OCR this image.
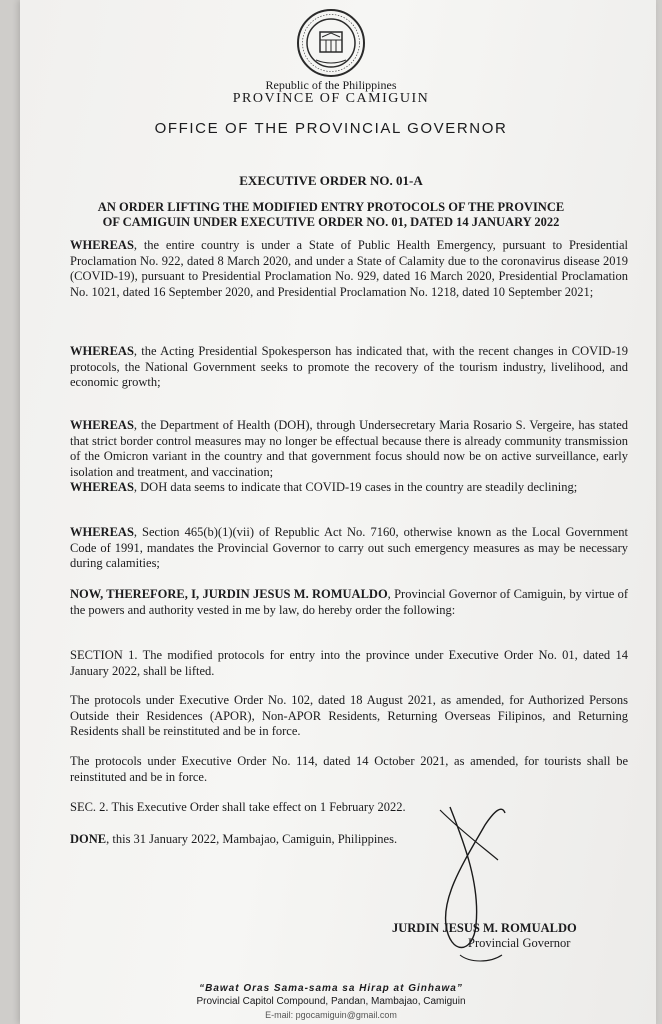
Republic of the Philippines
PROVINCE OF CAMIGUIN
OFFICE OF THE PROVINCIAL GOVERNOR
EXECUTIVE ORDER NO. 01-A
AN ORDER LIFTING THE MODIFIED ENTRY PROTOCOLS OF THE PROVINCE
OF CAMIGUIN UNDER EXECUTIVE ORDER NO. 01, DATED 14 JANUARY 2022
WHEREAS, the entire country is under a State of Public Health Emergency, pursuant to Presidential Proclamation No. 922, dated 8 March 2020, and under a State of Calamity due to the coronavirus disease 2019 (COVID-19), pursuant to Presidential Proclamation No. 929, dated 16 March 2020, Presidential Proclamation No. 1021, dated 16 September 2020, and Presidential Proclamation No. 1218, dated 10 September 2021;
WHEREAS, the Acting Presidential Spokesperson has indicated that, with the recent changes in COVID-19 protocols, the National Government seeks to promote the recovery of the tourism industry, livelihood, and economic growth;
WHEREAS, the Department of Health (DOH), through Undersecretary Maria Rosario S. Vergeire, has stated that strict border control measures may no longer be effectual because there is already community transmission of the Omicron variant in the country and that government focus should now be on active surveillance, early isolation and treatment, and vaccination;
WHEREAS, DOH data seems to indicate that COVID-19 cases in the country are steadily declining;
WHEREAS, Section 465(b)(1)(vii) of Republic Act No. 7160, otherwise known as the Local Government Code of 1991, mandates the Provincial Governor to carry out such emergency measures as may be necessary during calamities;
NOW, THEREFORE, I, JURDIN JESUS M. ROMUALDO, Provincial Governor of Camiguin, by virtue of the powers and authority vested in me by law, do hereby order the following:
SECTION 1. The modified protocols for entry into the province under Executive Order No. 01, dated 14 January 2022, shall be lifted.
The protocols under Executive Order No. 102, dated 18 August 2021, as amended, for Authorized Persons Outside their Residences (APOR), Non-APOR Residents, Returning Overseas Filipinos, and Returning Residents shall be reinstituted and be in force.
The protocols under Executive Order No. 114, dated 14 October 2021, as amended, for tourists shall be reinstituted and be in force.
SEC. 2. This Executive Order shall take effect on 1 February 2022.
DONE, this 31 January 2022, Mambajao, Camiguin, Philippines.
JURDIN JESUS M. ROMUALDO
Provincial Governor
“Bawat Oras Sama-sama sa Hirap at Ginhawa”
Provincial Capitol Compound, Pandan, Mambajao, Camiguin
E-mail: pgocamiguin@gmail.com
